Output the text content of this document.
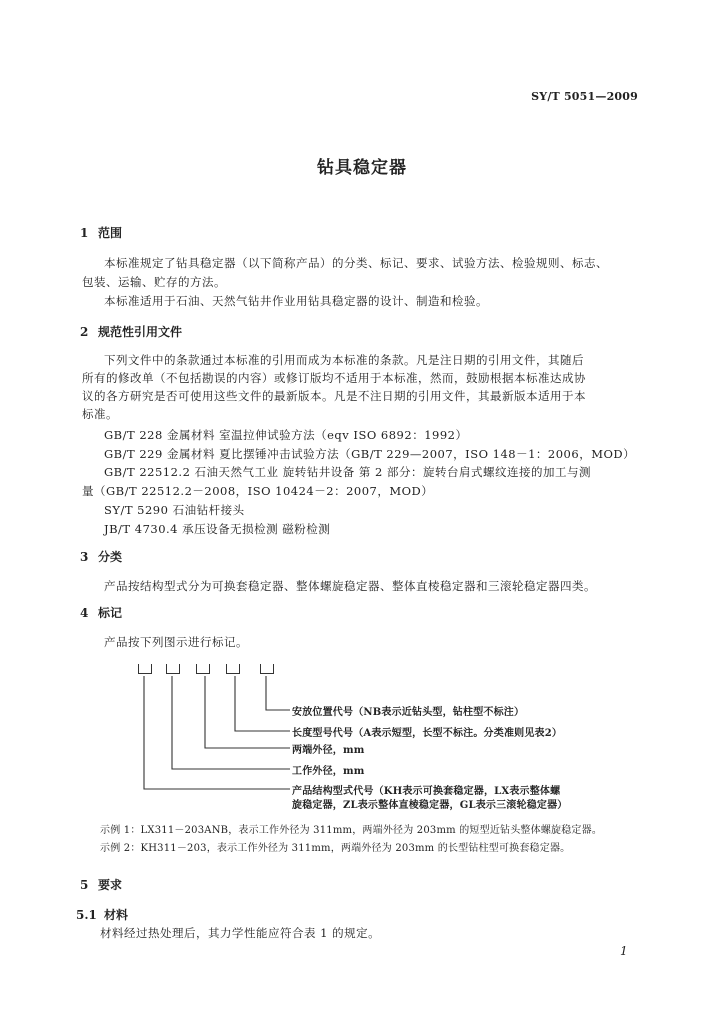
SY/T 5051—2009
钻具稳定器
1 范围
本标准规定了钻具稳定器（以下简称产品）的分类、标记、要求、试验方法、检验规则、标志、
包装、运输、贮存的方法。
本标准适用于石油、天然气钻井作业用钻具稳定器的设计、制造和检验。
2 规范性引用文件
下列文件中的条款通过本标准的引用而成为本标准的条款。凡是注日期的引用文件，其随后
所有的修改单（不包括勘误的内容）或修订版均不适用于本标准，然而，鼓励根据本标准达成协
议的各方研究是否可使用这些文件的最新版本。凡是不注日期的引用文件，其最新版本适用于本
标准。
GB/T 228 金属材料 室温拉伸试验方法（eqv ISO 6892：1992）
GB/T 229 金属材料 夏比摆锤冲击试验方法（GB/T 229—2007，ISO 148－1：2006，MOD）
GB/T 22512.2 石油天然气工业 旋转钻井设备 第 2 部分：旋转台肩式螺纹连接的加工与测
量（GB/T 22512.2－2008，ISO 10424－2：2007，MOD）
SY/T 5290 石油钻杆接头
JB/T 4730.4 承压设备无损检测 磁粉检测
3 分类
产品按结构型式分为可换套稳定器、整体螺旋稳定器、整体直棱稳定器和三滚轮稳定器四类。
4 标记
产品按下列图示进行标记。
安放位置代号（NB表示近钻头型，钻柱型不标注）
长度型号代号（A表示短型，长型不标注。分类准则见表2）
两端外径，mm
工作外径，mm
产品结构型式代号（KH表示可换套稳定器，LX表示整体螺
旋稳定器，ZL表示整体直棱稳定器，GL表示三滚轮稳定器）
示例 1：LX311－203ANB，表示工作外径为 311mm，两端外径为 203mm 的短型近钻头整体螺旋稳定器。
示例 2：KH311－203，表示工作外径为 311mm，两端外径为 203mm 的长型钻柱型可换套稳定器。
5 要求
5.1 材料
材料经过热处理后，其力学性能应符合表 1 的规定。
1
